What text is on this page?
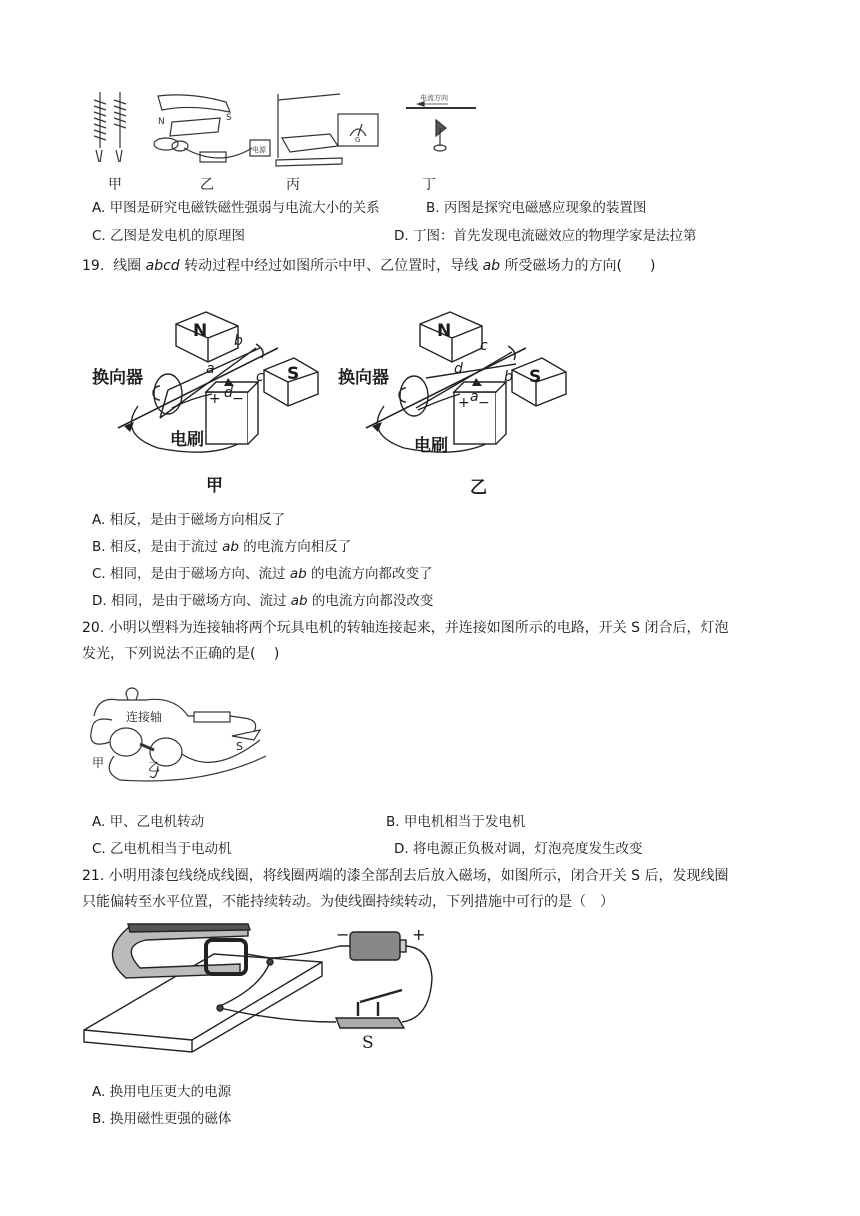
N	S
电源
G
电流方向
甲	乙	丙	丁
A. 甲图是研究电磁铁磁性强弱与电流大小的关系	B. 丙图是探究电磁感应现象的装置图
C. 乙图是发电机的原理图	D. 丁图：首先发现电流磁效应的物理学家是法拉第
19. 线圈 abcd 转动过程中经过如图所示中甲、乙位置时，导线 ab 所受磁场力的方向(　　)
N
S
换向器
电刷
a
b
c
d
+ −
甲
N
S
换向器
电刷
c
d	b
a
+ −
乙
A. 相反，是由于磁场方向相反了
B. 相反，是由于流过 ab 的电流方向相反了
C. 相同，是由于磁场方向、流过 ab 的电流方向都改变了
D. 相同，是由于磁场方向、流过 ab 的电流方向都没改变
20. 小明以塑料为连接轴将两个玩具电机的转轴连接起来，并连接如图所示的电路，开关 S 闭合后，灯泡
发光，下列说法不正确的是(　 )
连接轴
甲	乙
S
A. 甲、乙电机转动	B. 甲电机相当于发电机
C. 乙电机相当于电动机	D. 将电源正负极对调，灯泡亮度发生改变
21. 小明用漆包线绕成线圈，将线圈两端的漆全部刮去后放入磁场，如图所示，闭合开关 S 后，发现线圈
只能偏转至水平位置，不能持续转动。为使线圈持续转动，下列措施中可行的是（　）
−	+
S
A. 换用电压更大的电源
B. 换用磁性更强的磁体
